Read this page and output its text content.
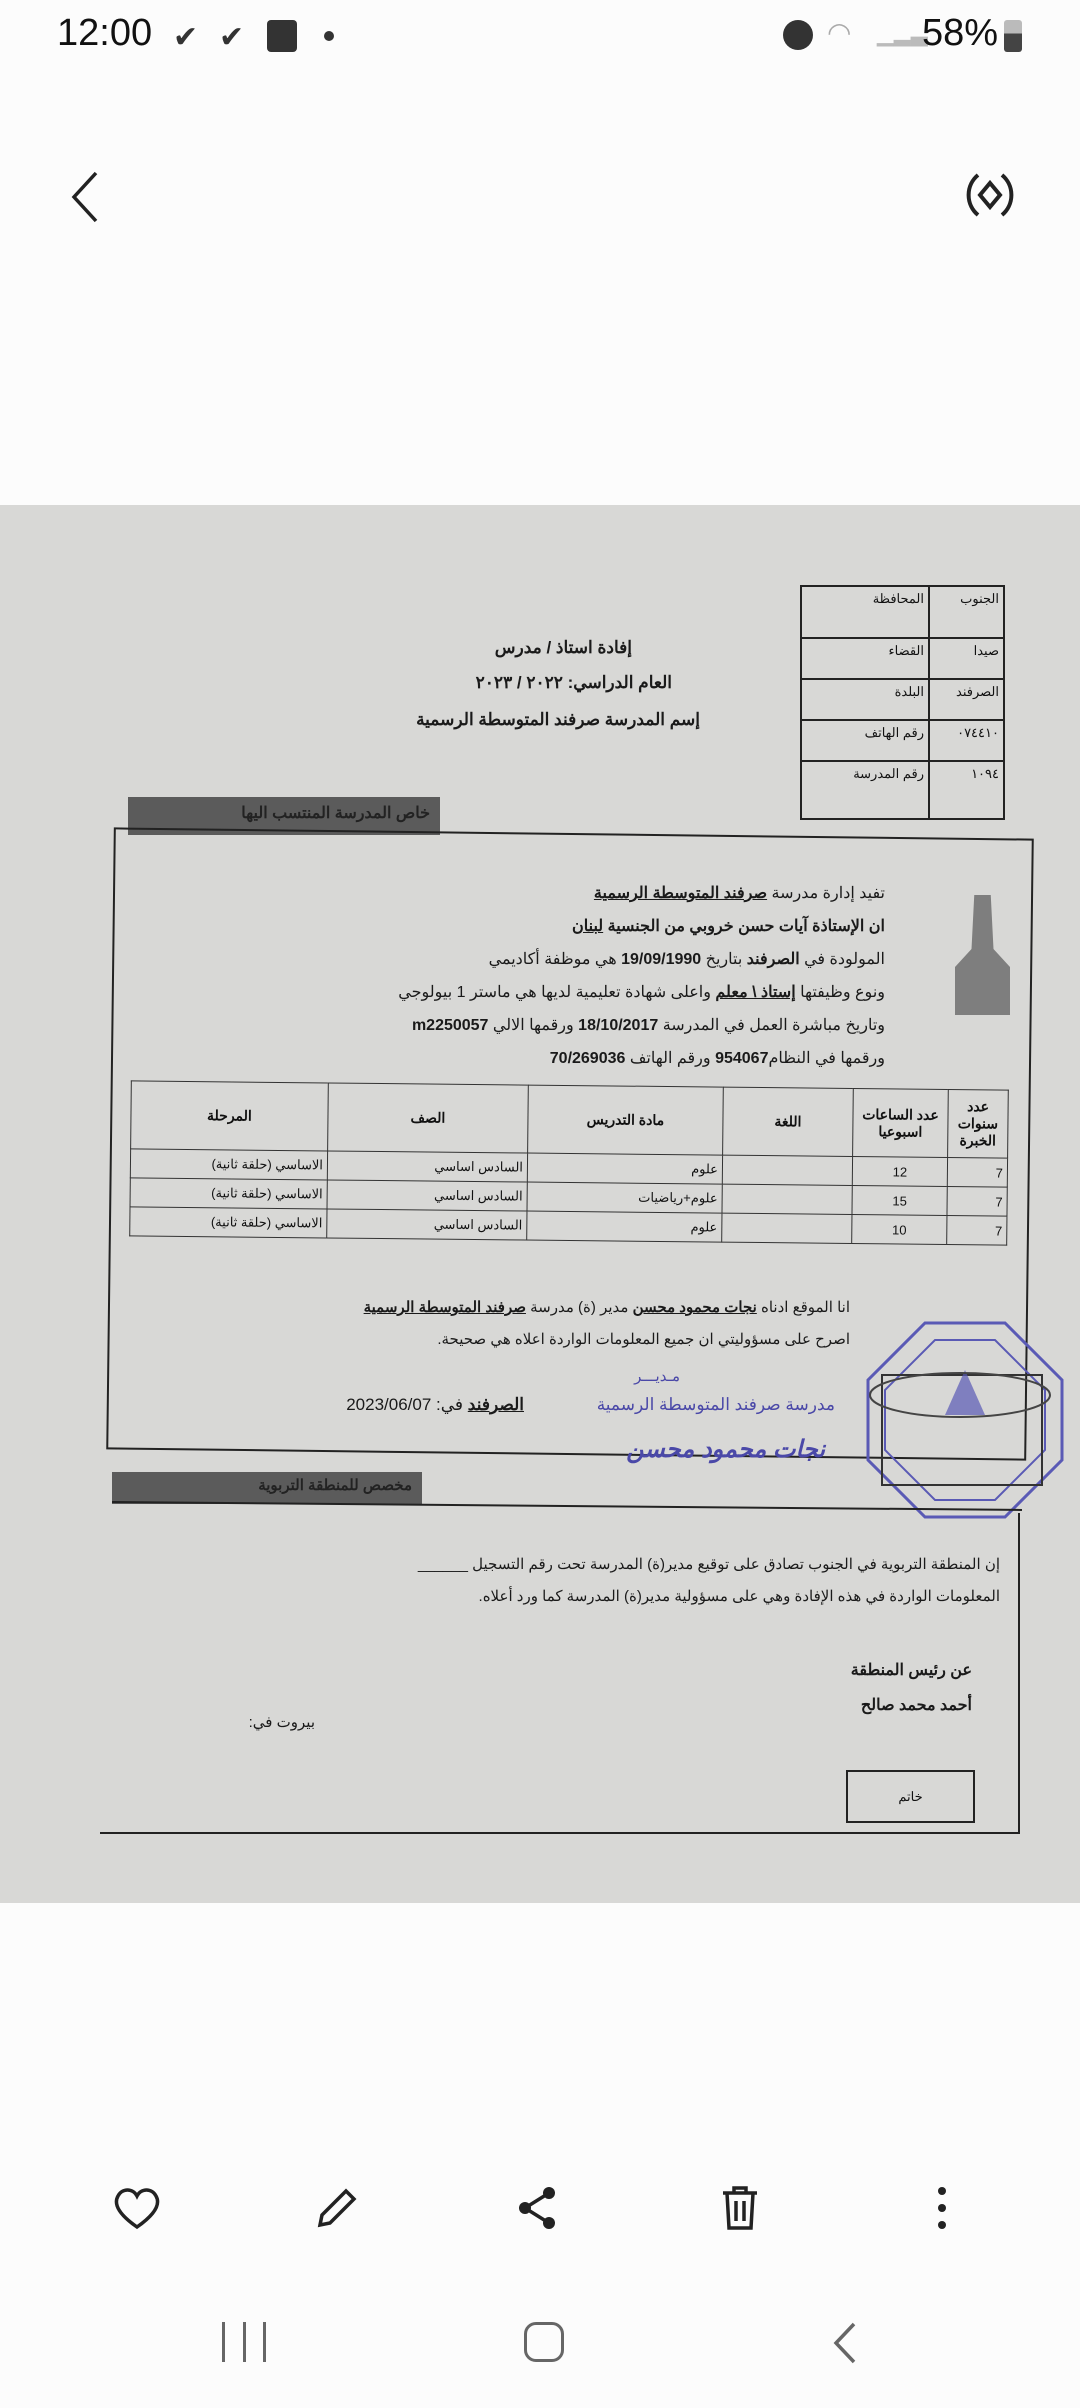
12:00 ✔ ✔	◠ ▁▂▃
58%
الجنوب	المحافظة
صيدا	القضاء
الصرفند	البلدة
٠٧٤٤١٠	رقم الهاتف
١٠٩٤	رقم المدرسة
إفادة استاذ / مدرس
العام الدراسي: ٢٠٢٢ / ٢٠٢٣
إسم المدرسة صرفند المتوسطة الرسمية
خاص المدرسة المنتسب اليها
تفيد إدارة مدرسة صرفند المتوسطة الرسمية
ان الإستاذة آيات حسن خروبي من الجنسية لبنان
المولودة في الصرفند بتاريخ 19/09/1990 هي موظفة أكاديمي
ونوع وظيفتها إستاذ \ معلم واعلى شهادة تعليمية لديها هي ماستر 1 بيولوجي
وتاريخ مباشرة العمل في المدرسة 18/10/2017 ورقمها الالي m2250057
ورقمها في النظام954067 ورقم الهاتف 70/269036
عدد سنوات الخبرة	عدد الساعات اسبوعيا	اللغة	مادة التدريس	الصف	المرحلة
7	12		علوم	السادس اساسي	الاساسي (حلقة ثانية)
7	15		علوم+رياضيات	السادس اساسي	الاساسي (حلقة ثانية)
7	10		علوم	السادس اساسي	الاساسي (حلقة ثانية)
انا الموقع ادناه نجات محمود محسن مدير (ة) مدرسة صرفند المتوسطة الرسمية
اصرح على مسؤوليتي ان جميع المعلومات الواردة اعلاه هي صحيحة.
الصرفند في: 2023/06/07
مـديـــر
مدرسة صرفند المتوسطة الرسمية
نجات محمود محسن
مخصص للمنطقة التربوية
إن المنطقة التربوية في الجنوب تصادق على توقيع مدير(ة) المدرسة تحت رقم التسجيل ______
المعلومات الواردة في هذه الإفادة وهي على مسؤولية مدير(ة) المدرسة كما ورد أعلاه.
عن رئيس المنطقة
أحمد محمد صالح
بيروت في:
خاتم
